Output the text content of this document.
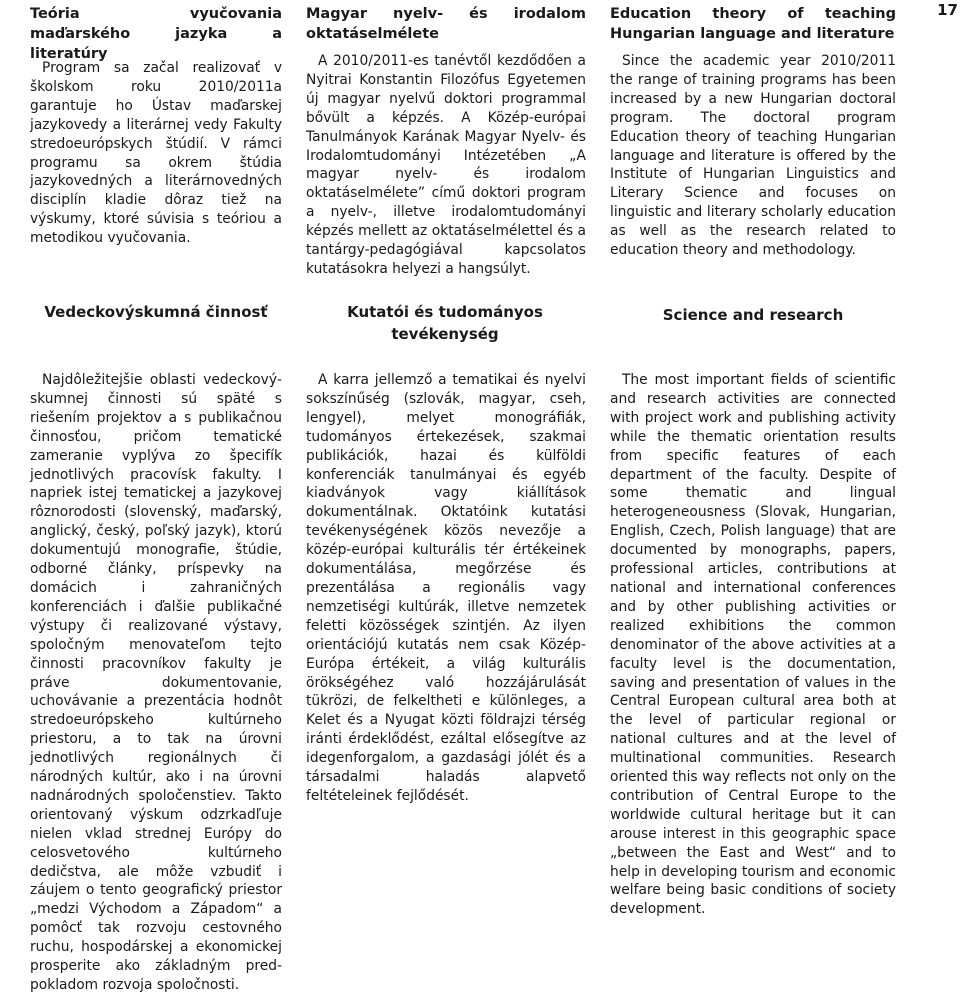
17
Teória vyučovania maďarského jazyka a literatúry

Program sa začal realizovať v školskom roku 2010/2011a garantuje ho Ústav maďarskej jazykovedy a literárnej vedy Fakulty stredoeurópskych štúdií. V rámci programu sa okrem štúdia jazykovedných a literárnovedných disciplín kladie dôraz tiež na výskumy, ktoré súvisia s teóriou a metodikou vyučovania.

Vedeckovýskumná činnosť

Najdôležitejšie oblasti vedeckovýskumnej činnosti sú späté s riešením projektov a s publikačnou činnosťou, pričom tematické zameranie vyplýva zo špecifík jednotlivých pracovísk fakulty. I napriek istej tematickej a jazykovej rôznorodosti (slovenský, maďarský, anglický, český, poľský jazyk), ktorú dokumentujú monografie, štúdie, odborné články, príspevky na domácich i zahraničných konferenciách i ďalšie publikačné výstupy či realizované výstavy, spoločným menovateľom tejto činnosti pracovníkov fakulty je práve dokumentovanie, uchovávanie a prezentácia hodnôt stredoeurópskeho kultúrneho priestoru, a to tak na úrovni jednotlivých regionálnych či národných kultúr, ako i na úrovni nadnárodných spoločenstiev. Takto orientovaný výskum odzrkadľuje nielen vklad strednej Európy do celosvetového kultúrneho dedičstva, ale môže vzbudiť i záujem o tento geografický priestor „medzi Východom a Západom“ a pomôcť tak rozvoju cestovného ruchu, hospodárskej a ekonomickej prosperite ako základným predpokladom rozvoja spoločnosti.

Magyar nyelv- és irodalom oktatáselmélete

A 2010/2011-es tanévtől kezdődően a Nyitrai Konstantin Filozófus Egyetemen új magyar nyelvű doktori programmal bővült a képzés. A Közép-európai Tanulmányok Karának Magyar Nyelv- és Irodalomtudományi Intézetében „A magyar nyelv- és irodalom oktatáselmélete” című doktori program a nyelv-, illetve irodalomtudományi képzés mellett az oktatáselmélettel és a tantárgy-pedagógiával kapcsolatos kutatásokra helyezi a hangsúlyt.

Kutatói és tudományos tevékenység

A karra jellemző a tematikai és nyelvi sokszínűség (szlovák, magyar, cseh, lengyel), melyet monográfiák, tudományos értekezések, szakmai publikációk, hazai és külföldi konferenciák tanulmányai és egyéb kiadványok vagy kiállítások dokumentálnak. Oktatóink kutatási tevékenységének közös nevezője a közép-európai kulturális tér értékeinek dokumentálása, megőrzése és prezentálása a regionális vagy nemzetiségi kultúrák, illetve nemzetek feletti közösségek szintjén. Az ilyen orientációjú kutatás nem csak Közép-Európa értékeit, a világ kulturális örökségéhez való hozzájárulását tükrözi, de felkeltheti e különleges, a Kelet és a Nyugat közti földrajzi térség iránti érdeklődést, ezáltal elősegítve az idegenforgalom, a gazdasági jólét és a társadalmi haladás alapvető feltételeinek fejlődését.

Education theory of teaching Hungarian language and literature

Since the academic year 2010/2011 the range of training programs has been increased by a new Hungarian doctoral program. The doctoral program Education theory of teaching Hungarian language and literature is offered by the Institute of Hungarian Linguistics and Literary Science and focuses on linguistic and literary scholarly education as well as the research related to education theory and methodology.

Science and research

The most important fields of scientific and research activities are connected with project work and publishing activity while the thematic orientation results from specific features of each department of the faculty. Despite of some thematic and lingual heterogeneousness (Slovak, Hungarian, English, Czech, Polish language) that are documented by monographs, papers, professional articles, contributions at national and international conferences and by other publishing activities or realized exhibitions the common denominator of the above activities at a faculty level is the documentation, saving and presentation of values in the Central European cultural area both at the level of particular regional or national cultures and at the level of multinational communities. Research oriented this way reflects not only on the contribution of Central Europe to the worldwide cultural heritage but it can arouse interest in this geographic space „between the East and West“ and to help in developing tourism and economic welfare being basic conditions of society development.
